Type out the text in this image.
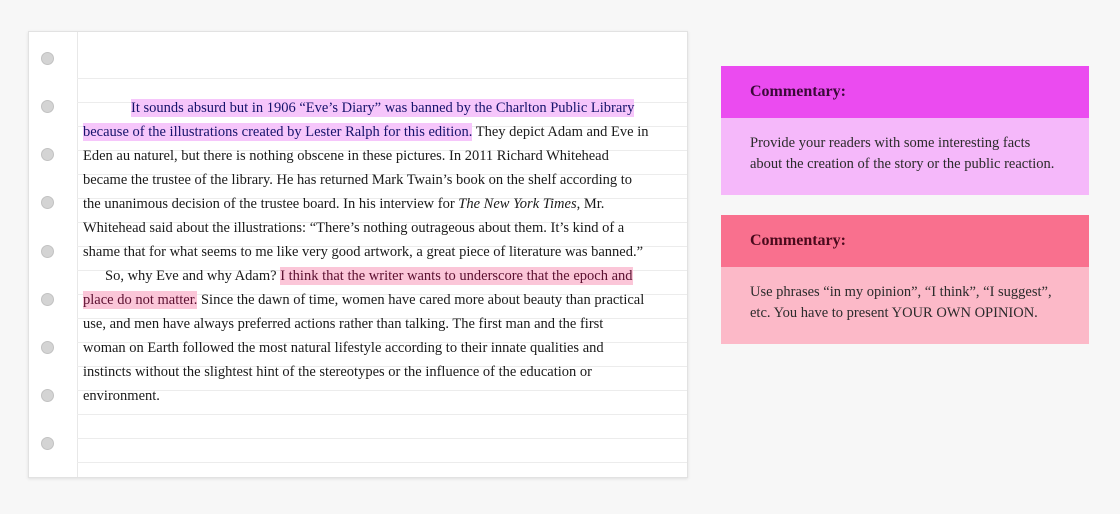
It sounds absurd but in 1906 “Eve’s Diary” was banned by the Charlton Public Library
because of the illustrations created by Lester Ralph for this edition. They depict Adam and Eve in
Eden au naturel, but there is nothing obscene in these pictures. In 2011 Richard Whitehead
became the trustee of the library. He has returned Mark Twain’s book on the shelf according to
the unanimous decision of the trustee board. In his interview for The New York Times, Mr.
Whitehead said about the illustrations: “There’s nothing outrageous about them. It’s kind of a
shame that for what seems to me like very good artwork, a great piece of literature was banned.”
So, why Eve and why Adam? I think that the writer wants to underscore that the epoch and
place do not matter. Since the dawn of time, women have cared more about beauty than practical
use, and men have always preferred actions rather than talking. The first man and the first
woman on Earth followed the most natural lifestyle according to their innate qualities and
instincts without the slightest hint of the stereotypes or the influence of the education or
environment.
Commentary:
Provide your readers with some interesting facts about the creation of the story or the public reaction.
Commentary:
Use phrases “in my opinion”, “I think”, “I suggest”, etc. You have to present YOUR OWN OPINION.
